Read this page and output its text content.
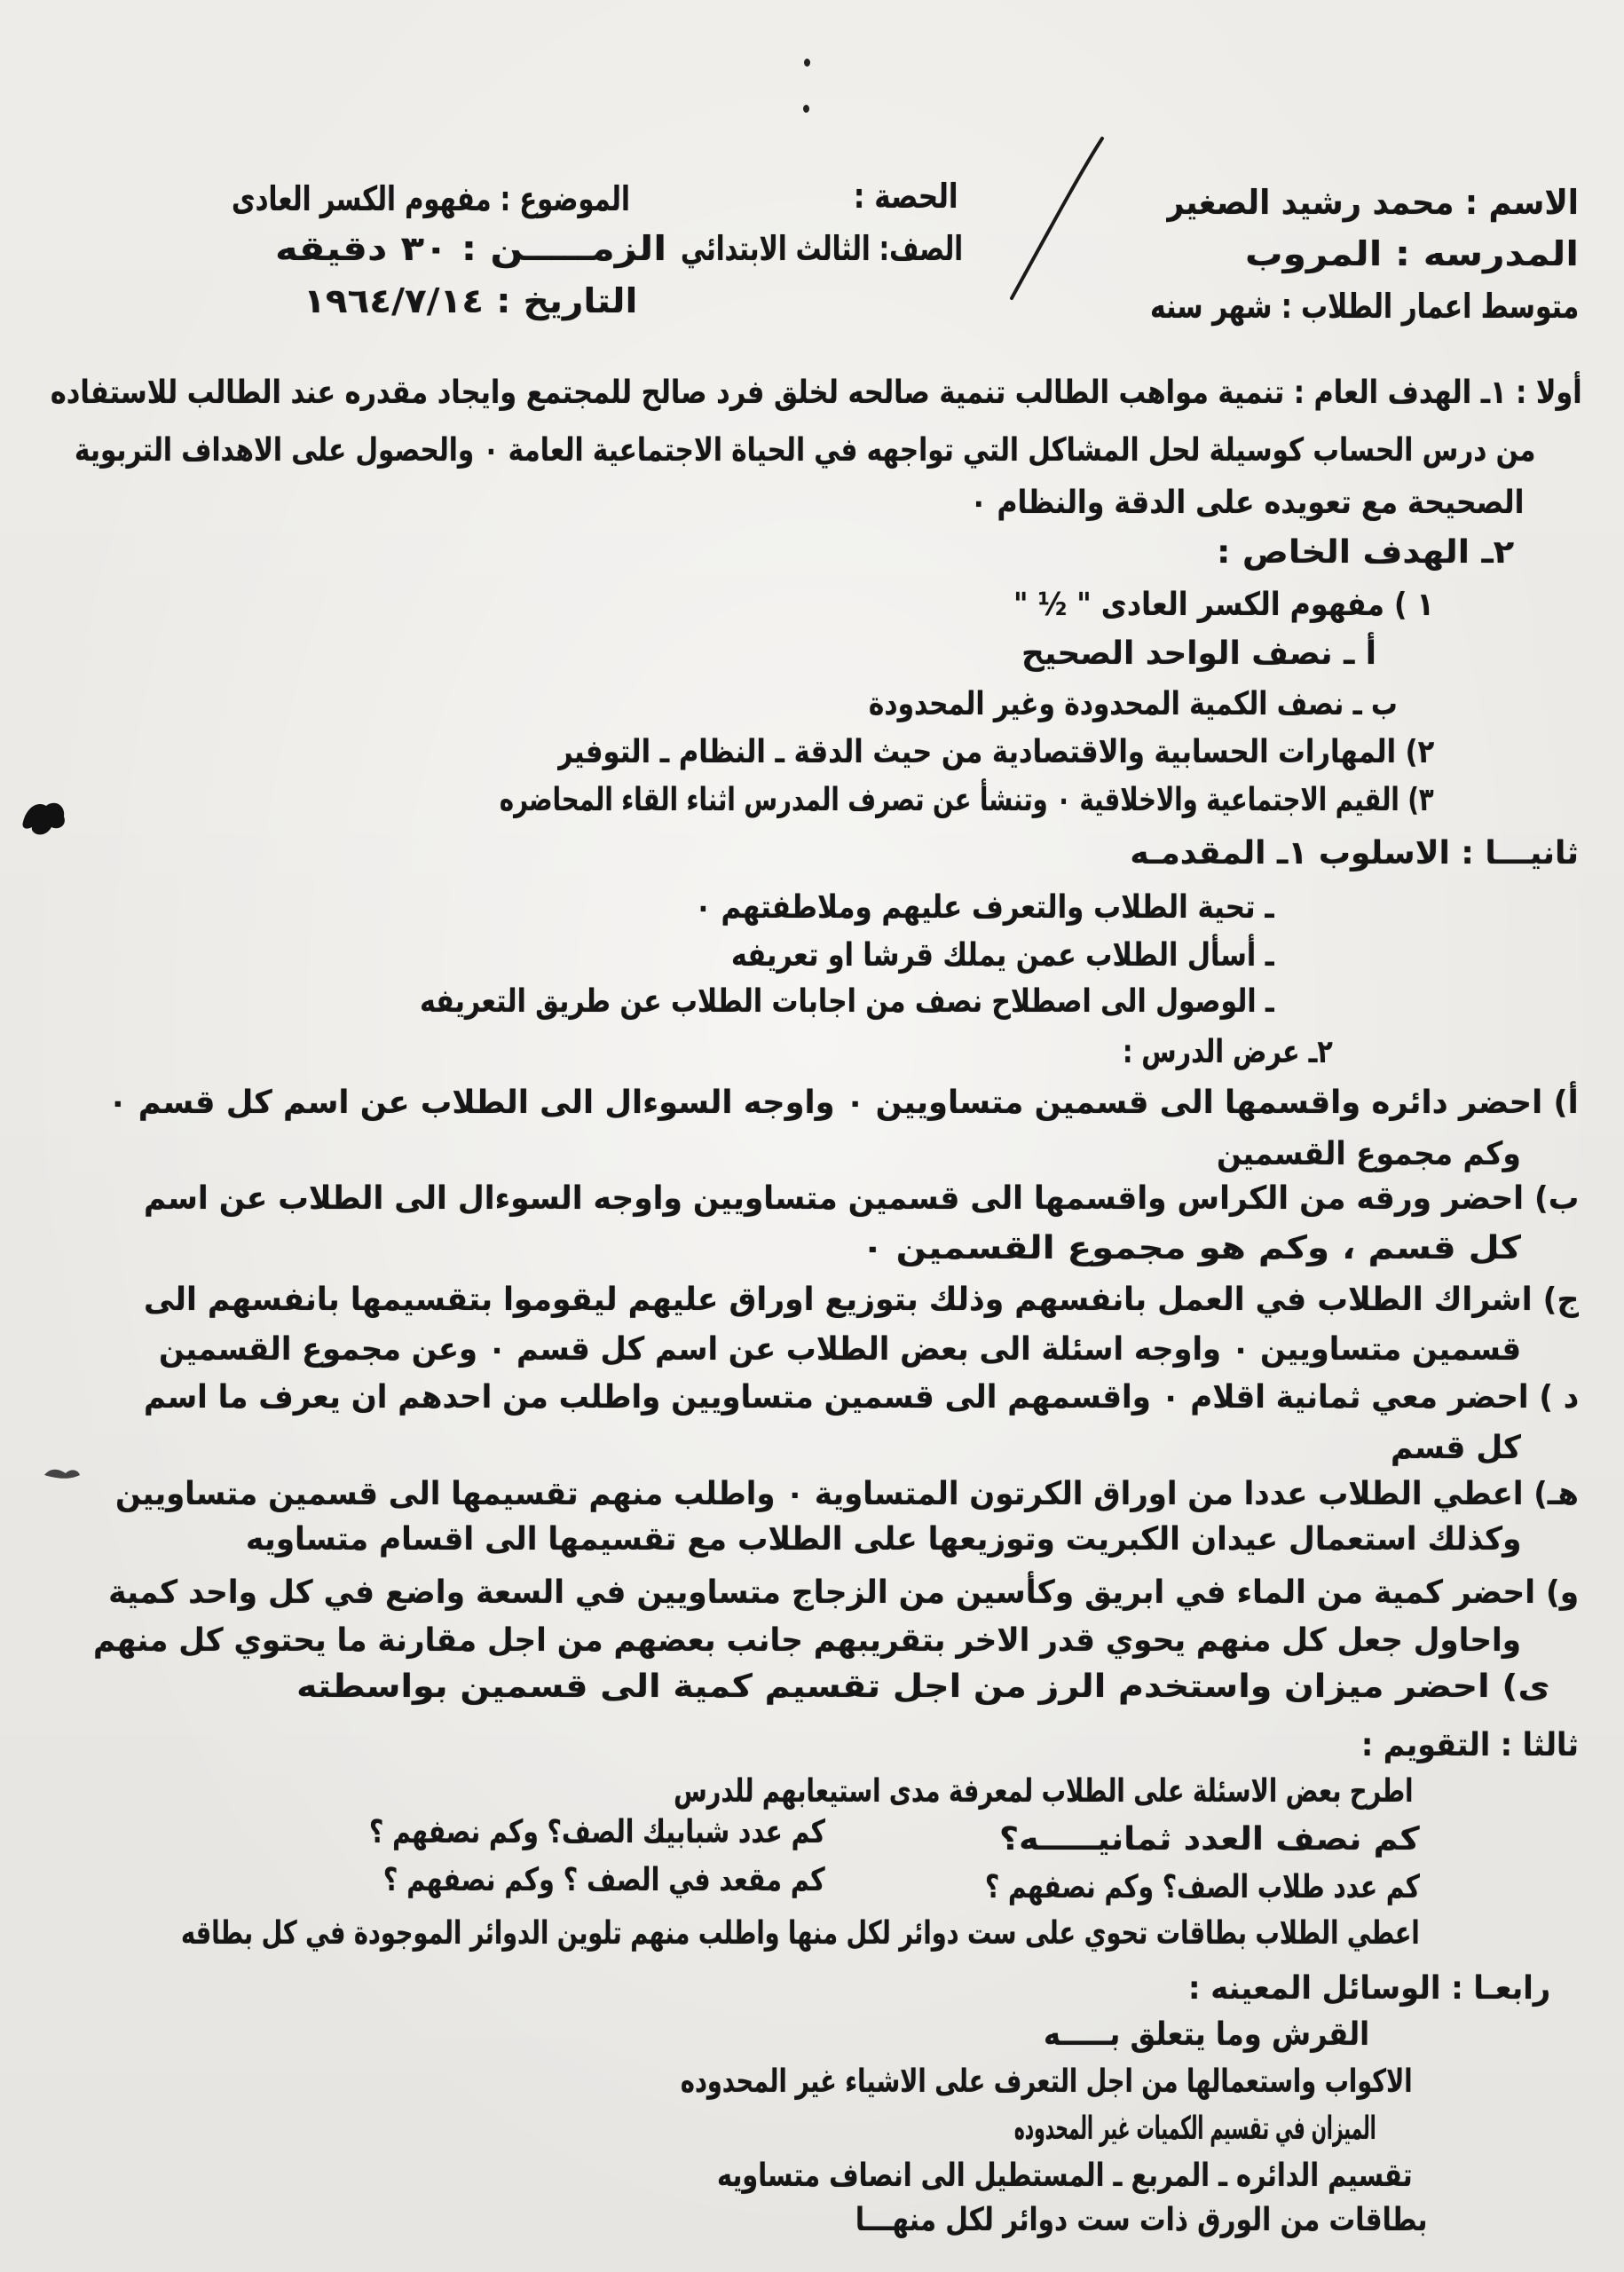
الاسم : محمد رشيد الصغير
المدرسه : المروب
متوسط اعمار الطلاب : شهر سنه
الحصة :
الصف: الثالث الابتدائي
الموضوع : مفهوم الكسر العادى
الزمـــــن : ٣٠ دقيقه
التاريخ : ١٩٦٤/٧/١٤
أولا : ١ـ الهدف العام : تنمية مواهب الطالب تنمية صالحه لخلق فرد صالح للمجتمع وايجاد مقدره عند الطالب للاستفاده
من درس الحساب كوسيلة لحل المشاكل التي تواجهه في الحياة الاجتماعية العامة ٠ والحصول على الاهداف التربوية
الصحيحة مع تعويده على الدقة والنظام ٠
٢ـ الهدف الخاص :
١ ) مفهوم الكسر العادى " ½ "
أ ـ نصف الواحد الصحيح
ب ـ نصف الكمية المحدودة وغير المحدودة
٢) المهارات الحسابية والاقتصادية من حيث الدقة ـ النظام ـ التوفير
٣) القيم الاجتماعية والاخلاقية ٠ وتنشأ عن تصرف المدرس اثناء القاء المحاضره
ثانيـــا : الاسلوب ١ـ المقدمـه
ـ تحية الطلاب والتعرف عليهم وملاطفتهم ٠
ـ أسأل الطلاب عمن يملك قرشا او تعريفه
ـ الوصول الى اصطلاح نصف من اجابات الطلاب عن طريق التعريفه
٢ـ عرض الدرس :
أ) احضر دائره واقسمها الى قسمين متساويين ٠ واوجه السوءال الى الطلاب عن اسم كل قسم ٠
وكم مجموع القسمين
ب) احضر ورقه من الكراس واقسمها الى قسمين متساويين واوجه السوءال الى الطلاب عن اسم
كل قسم ، وكم هو مجموع القسمين ٠
ج) اشراك الطلاب في العمل بانفسهم وذلك بتوزيع اوراق عليهم ليقوموا بتقسيمها بانفسهم الى
قسمين متساويين ٠ واوجه اسئلة الى بعض الطلاب عن اسم كل قسم ٠ وعن مجموع القسمين
د ) احضر معي ثمانية اقلام ٠ واقسمهم الى قسمين متساويين واطلب من احدهم ان يعرف ما اسم
كل قسم
هـ) اعطي الطلاب عددا من اوراق الكرتون المتساوية ٠ واطلب منهم تقسيمها الى قسمين متساويين
وكذلك استعمال عيدان الكبريت وتوزيعها على الطلاب مع تقسيمها الى اقسام متساويه
و) احضر كمية من الماء في ابريق وكأسين من الزجاج متساويين في السعة واضع في كل واحد كمية
واحاول جعل كل منهم يحوي قدر الاخر بتقريبهم جانب بعضهم من اجل مقارنة ما يحتوي كل منهم
ى) احضر ميزان واستخدم الرز من اجل تقسيم كمية الى قسمين بواسطته
ثالثا : التقويم :
اطرح بعض الاسئلة على الطلاب لمعرفة مدى استيعابهم للدرس
كم نصف العدد ثمانيـــــه؟
كم عدد شبابيك الصف؟ وكم نصفهم ؟
كم عدد طلاب الصف؟ وكم نصفهم ؟
كم مقعد في الصف ؟ وكم نصفهم ؟
اعطي الطلاب بطاقات تحوي على ست دوائر لكل منها واطلب منهم تلوين الدوائر الموجودة في كل بطاقه
رابعـا : الوسائل المعينه :
القرش وما يتعلق بـــــه
الاكواب واستعمالها من اجل التعرف على الاشياء غير المحدوده
الميزان في تقسيم الكميات غير المحدوده
تقسيم الدائره ـ المربع ـ المستطيل الى انصاف متساويه
بطاقات من الورق ذات ست دوائر لكل منهـــا
